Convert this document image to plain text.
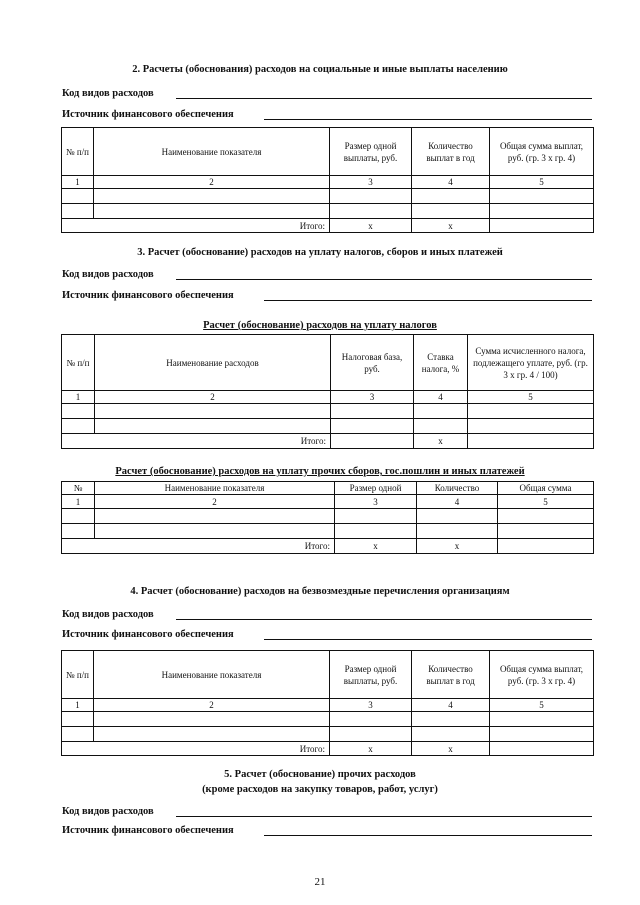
2. Расчеты (обоснования) расходов на социальные и иные выплаты населению
Код видов расходов
Источник финансового обеспечения
№ п/п	Наименование показателя	Размер одной выплаты, руб.	Количество выплат в год	Общая сумма выплат, руб. (гр. 3 х гр. 4)
1	2	3	4	5

	Итого:	x	x	
3. Расчет (обоснование) расходов на уплату налогов, сборов и иных платежей
Код видов расходов
Источник финансового обеспечения
Расчет (обоснование) расходов на уплату налогов
№ п/п	Наименование расходов	Налоговая база, руб.	Ставка налога, %	Сумма исчисленного налога, подлежащего уплате, руб. (гр. 3 х гр. 4 / 100)
1	2	3	4	5

	Итого:		x	
Расчет (обоснование) расходов на уплату прочих сборов, гос.пошлин и иных платежей
№	Наименование показателя	Размер одной	Количество	Общая сумма
1	2	3	4	5

	Итого:	x	x	
4. Расчет (обоснование) расходов на безвозмездные перечисления организациям
Код видов расходов
Источник финансового обеспечения
№ п/п	Наименование показателя	Размер одной выплаты, руб.	Количество выплат в год	Общая сумма выплат, руб. (гр. 3 х гр. 4)
1	2	3	4	5

	Итого:	x	x	
5. Расчет (обоснование) прочих расходов
(кроме расходов на закупку товаров, работ, услуг)
Код видов расходов
Источник финансового обеспечения
21
